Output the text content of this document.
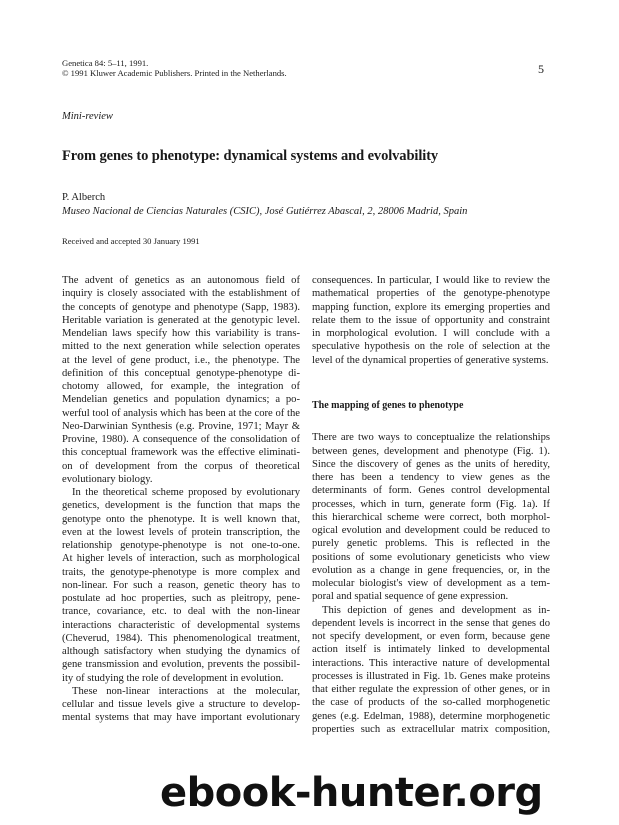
Genetica 84: 5–11, 1991.
© 1991 Kluwer Academic Publishers. Printed in the Netherlands.	5
Mini-review
From genes to phenotype: dynamical systems and evolvability
P. Alberch
Museo Nacional de Ciencias Naturales (CSIC), José Gutiérrez Abascal, 2, 28006 Madrid, Spain
Received and accepted 30 January 1991
The advent of genetics as an autonomous field of
inquiry is closely associated with the establishment of
the concepts of genotype and phenotype (Sapp, 1983).
Heritable variation is generated at the genotypic level.
Mendelian laws specify how this variability is trans-
mitted to the next generation while selection operates
at the level of gene product, i.e., the phenotype. The
definition of this conceptual genotype-phenotype di-
chotomy allowed, for example, the integration of
Mendelian genetics and population dynamics; a po-
werful tool of analysis which has been at the core of the
Neo-Darwinian Synthesis (e.g. Provine, 1971; Mayr &
Provine, 1980). A consequence of the consolidation of
this conceptual framework was the effective eliminati-
on of development from the corpus of theoretical
evolutionary biology.
In the theoretical scheme proposed by evolutionary
genetics, development is the function that maps the
genotype onto the phenotype. It is well known that,
even at the lowest levels of protein transcription, the
relationship genotype-phenotype is not one-to-one.
At higher levels of interaction, such as morphological
traits, the genotype-phenotype is more complex and
non-linear. For such a reason, genetic theory has to
postulate ad hoc properties, such as pleitropy, pene-
trance, covariance, etc. to deal with the non-linear
interactions characteristic of developmental systems
(Cheverud, 1984). This phenomenological treatment,
although satisfactory when studying the dynamics of
gene transmission and evolution, prevents the possibil-
ity of studying the role of development in evolution.
These non-linear interactions at the molecular,
cellular and tissue levels give a structure to develop-
mental systems that may have important evolutionary
consequences. In particular, I would like to review the
mathematical properties of the genotype-phenotype
mapping function, explore its emerging properties and
relate them to the issue of opportunity and constraint
in morphological evolution. I will conclude with a
speculative hypothesis on the role of selection at the
level of the dynamical properties of generative systems.
The mapping of genes to phenotype
There are two ways to conceptualize the relationships
between genes, development and phenotype (Fig. 1).
Since the discovery of genes as the units of heredity,
there has been a tendency to view genes as the
determinants of form. Genes control developmental
processes, which in turn, generate form (Fig. 1a). If
this hierarchical scheme were correct, both morphol-
ogical evolution and development could be reduced to
purely genetic problems. This is reflected in the
positions of some evolutionary geneticists who view
evolution as a change in gene frequencies, or, in the
molecular biologist's view of development as a tem-
poral and spatial sequence of gene expression.
This depiction of genes and development as in-
dependent levels is incorrect in the sense that genes do
not specify development, or even form, because gene
action itself is intimately linked to developmental
interactions. This interactive nature of developmental
processes is illustrated in Fig. 1b. Genes make proteins
that either regulate the expression of other genes, or in
the case of products of the so-called morphogenetic
genes (e.g. Edelman, 1988), determine morphogenetic
properties such as extracellular matrix composition,
ebook-hunter.org
